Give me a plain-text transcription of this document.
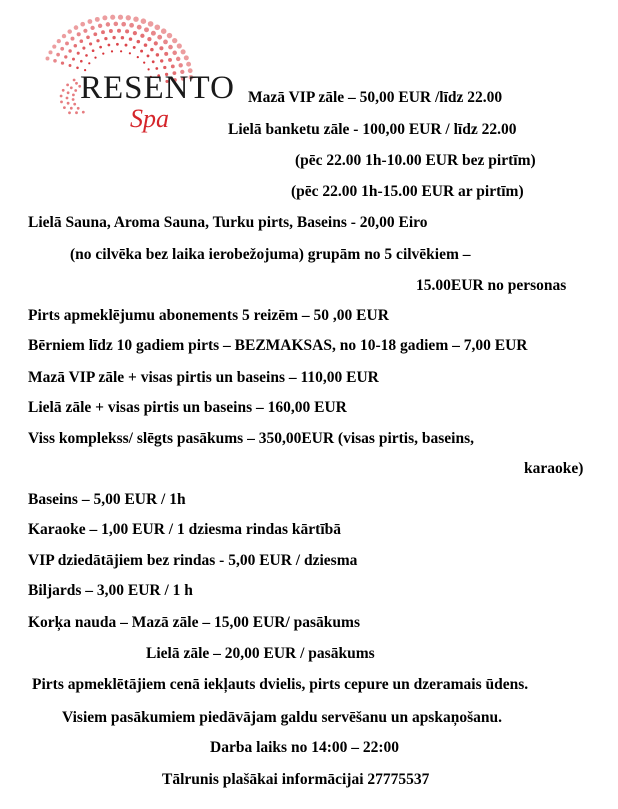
RESENTO

Spa

Mazā VIP zāle – 50,00 EUR /līdz 22.00

Lielā banketu zāle - 100,00 EUR / līdz 22.00

(pēc 22.00 1h-10.00 EUR bez pirtīm)

(pēc 22.00 1h-15.00 EUR ar pirtīm)

Lielā Sauna, Aroma Sauna, Turku pirts, Baseins - 20,00 Eiro

(no cilvēka bez laika ierobežojuma) grupām no 5 cilvēkiem –

15.00EUR no personas

Pirts apmeklējumu abonements 5 reizēm – 50 ,00 EUR

Bērniem līdz 10 gadiem pirts – BEZMAKSAS, no 10-18 gadiem – 7,00 EUR

Mazā VIP zāle + visas pirtis un baseins – 110,00 EUR

Lielā zāle + visas pirtis un baseins – 160,00 EUR

Viss komplekss/ slēgts pasākums – 350,00EUR (visas pirtis, baseins,

karaoke)

Baseins – 5,00 EUR / 1h

Karaoke – 1,00 EUR / 1 dziesma rindas kārtībā

VIP dziedātājiem bez rindas - 5,00 EUR / dziesma

Biljards – 3,00 EUR / 1 h

Korķa nauda – Mazā zāle – 15,00 EUR/ pasākums

Lielā zāle – 20,00 EUR / pasākums

Pirts apmeklētājiem cenā iekļauts dvielis, pirts cepure un dzeramais ūdens.

Visiem pasākumiem piedāvājam galdu servēšanu un apskaņošanu.

Darba laiks no 14:00 – 22:00

Tālrunis plašākai informācijai 27775537
